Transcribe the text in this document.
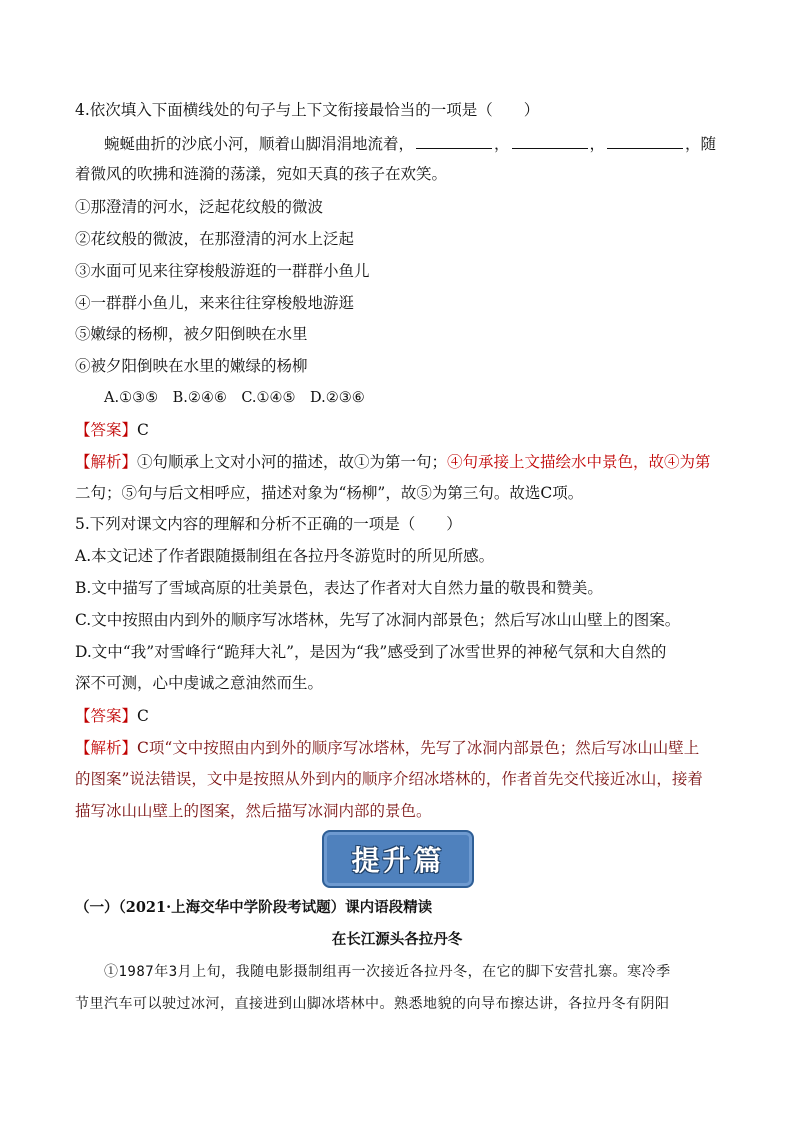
4.依次填入下面横线处的句子与上下文衔接最恰当的一项是（　　）
蜿蜒曲折的沙底小河，顺着山脚涓涓地流着，	，	，	，随
着微风的吹拂和涟漪的荡漾，宛如天真的孩子在欢笑。
①那澄清的河水，泛起花纹般的微波
②花纹般的微波，在那澄清的河水上泛起
③水面可见来往穿梭般游逛的一群群小鱼儿
④一群群小鱼儿，来来往往穿梭般地游逛
⑤嫩绿的杨柳，被夕阳倒映在水里
⑥被夕阳倒映在水里的嫩绿的杨柳
A.①③⑤　B.②④⑥　C.①④⑤　D.②③⑥
【答案】C
【解析】①句顺承上文对小河的描述，故①为第一句；④句承接上文描绘水中景色，故④为第
二句；⑤句与后文相呼应，描述对象为“杨柳”，故⑤为第三句。故选C项。
5.下列对课文内容的理解和分析不正确的一项是（　　）
A.本文记述了作者跟随摄制组在各拉丹冬游览时的所见所感。
B.文中描写了雪域高原的壮美景色，表达了作者对大自然力量的敬畏和赞美。
C.文中按照由内到外的顺序写冰塔林，先写了冰洞内部景色；然后写冰山山壁上的图案。
D.文中“我”对雪峰行“跪拜大礼”，是因为“我”感受到了冰雪世界的神秘气氛和大自然的
深不可测，心中虔诚之意油然而生。
【答案】C
【解析】C项“文中按照由内到外的顺序写冰塔林，先写了冰洞内部景色；然后写冰山山壁上
的图案”说法错误，文中是按照从外到内的顺序介绍冰塔林的，作者首先交代接近冰山，接着
描写冰山山壁上的图案，然后描写冰洞内部的景色。
提升篇
（一）（2021·上海交华中学阶段考试题）课内语段精读
在长江源头各拉丹冬
①1987年3月上旬，我随电影摄制组再一次接近各拉丹冬，在它的脚下安营扎寨。寒冷季
节里汽车可以驶过冰河，直接进到山脚冰塔林中。熟悉地貌的向导布擦达讲，各拉丹冬有阴阳
